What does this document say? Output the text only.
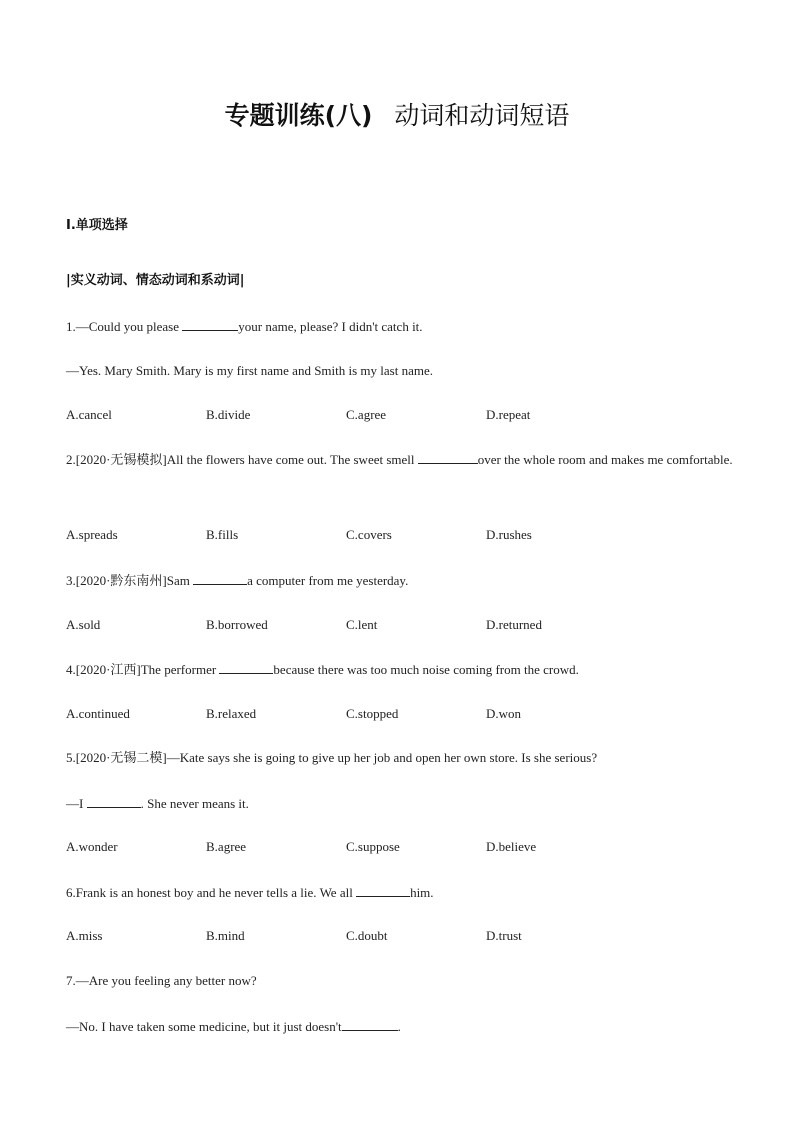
专题训练(八) 动词和动词短语
Ⅰ.单项选择
|实义动词、情态动词和系动词|
1.—Could you please	your name, please? I didn't catch it.
—Yes. Mary Smith. Mary is my first name and Smith is my last name.
A.cancel	B.divide	C.agree	D.repeat
2.[2020·无锡模拟]All the flowers have come out. The sweet smell	over the whole room and makes me comfortable.
A.spreads	B.fills	C.covers	D.rushes
3.[2020·黔东南州]Sam	a computer from me yesterday.
A.sold	B.borrowed	C.lent	D.returned
4.[2020·江西]The performer	because there was too much noise coming from the crowd.
A.continued	B.relaxed	C.stopped	D.won
5.[2020·无锡二模]—Kate says she is going to give up her job and open her own store. Is she serious?
—I	. She never means it.
A.wonder	B.agree	C.suppose	D.believe
6.Frank is an honest boy and he never tells a lie. We all	him.
A.miss	B.mind	C.doubt	D.trust
7.—Are you feeling any better now?
—No. I have taken some medicine, but it just doesn't	.
